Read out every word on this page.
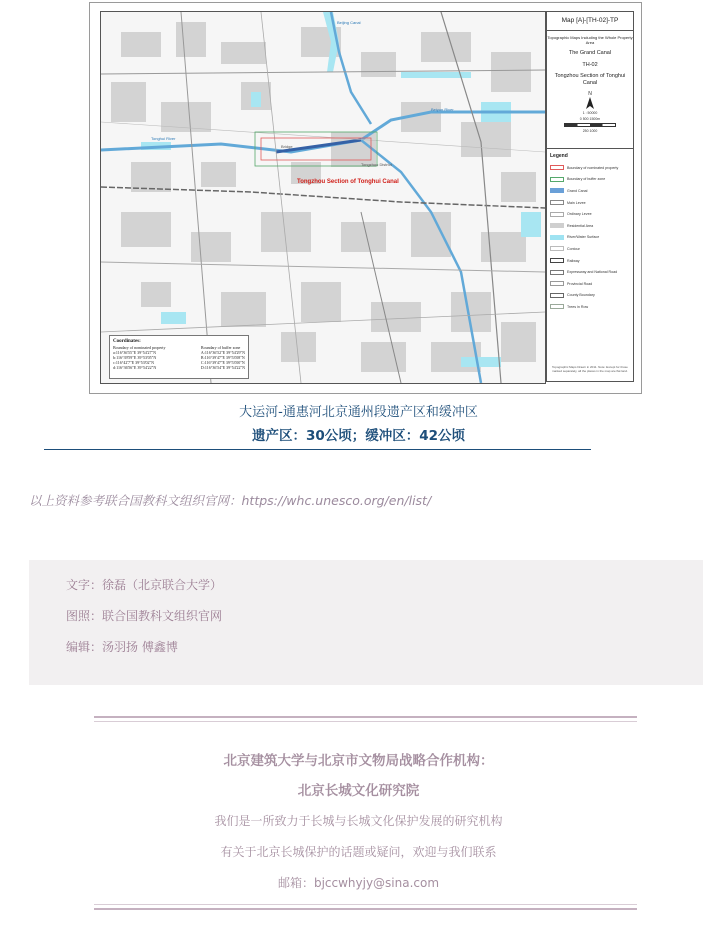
Tongzhou Section of Tonghui Canal
Tongzhou District
Beiyun River
Beijing Canal
Tonghui River
Bridge
Coordinates:
Boundary of nominated property
a:116°36'55"E 39°54'27"N
b:116°39'59"E 39°53'05"N
c:116°42'7"E 39°53'02"N
d:116°36'56"E 39°54'22"N
Boundary of buffer zone
A:116°36'52"E 39°54'29"N
B:116°39'47"E 39°53'08"N
C:116°39'47"E 39°53'00"N
D:116°36'54"E 39°54'22"N
Map [A]-[TH-02]-TP
Topographic Maps Including the Whole Property Area
The Grand Canal
TH-02
Tongzhou Section of Tonghui Canal
N
1 : 50000
0 500 1500m
250 1000
Legend
Boundary of nominated property
Boundary of buffer zone
Grand Canal
Main Levee
Ordinary Levee
Residential Area
River/Water Surface
Contour
Railway
Expressway and National Road
Provincial Road
County Boundary
Trees in Row
Topographic Maps Drawn in 2011. Note: Except for those marked separately, all the places in the map are flat land.
大运河-通惠河北京通州段遗产区和缓冲区
遗产区：30公顷；缓冲区：42公顷
以上资料参考联合国教科文组织官网：https://whc.unesco.org/en/list/
文字：徐磊（北京联合大学）
图照：联合国教科文组织官网
编辑：汤羽扬 傅鑫博
北京建筑大学与北京市文物局战略合作机构：
北京长城文化研究院
我们是一所致力于长城与长城文化保护发展的研究机构
有关于北京长城保护的话题或疑问，欢迎与我们联系
邮箱：bjccwhyjy@sina.com
